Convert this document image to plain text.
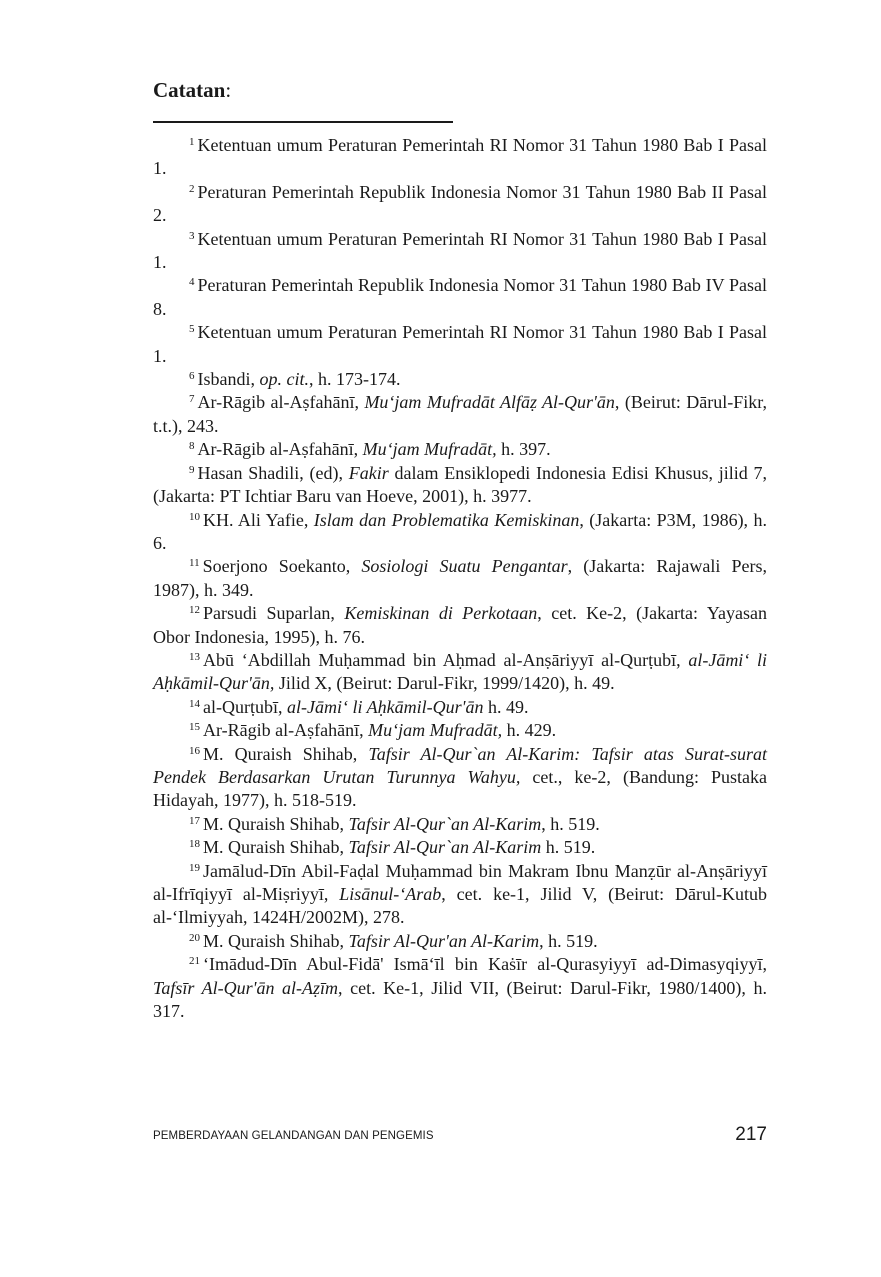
Catatan:

$^1$ Ketentuan umum Peraturan Pemerintah RI Nomor 31 Tahun 1980 Bab I Pasal 1.

$^2$ Peraturan Pemerintah Republik Indonesia Nomor 31 Tahun 1980 Bab II Pasal 2.

$^3$ Ketentuan umum Peraturan Pemerintah RI Nomor 31 Tahun 1980 Bab I Pasal 1.

$^4$ Peraturan Pemerintah Republik Indonesia Nomor 31 Tahun 1980 Bab IV Pasal 8.

$^5$ Ketentuan umum Peraturan Pemerintah RI Nomor 31 Tahun 1980 Bab I Pasal 1.

$^6$ Isbandi, op. cit., h. 173-174.

$^7$ Ar-Rāgib al-Aṣfahānī, Mu‘jam Mufradāt Alfāẓ Al-Qur'ān, (Beirut: Dārul-Fikr, t.t.), 243.

$^8$ Ar-Rāgib al-Aṣfahānī, Mu‘jam Mufradāt, h. 397.

$^9$ Hasan Shadili, (ed), Fakir dalam Ensiklopedi Indonesia Edisi Khusus, jilid 7, (Jakarta: PT Ichtiar Baru van Hoeve, 2001), h. 3977.

$^{10}$ KH. Ali Yafie, Islam dan Problematika Kemiskinan, (Jakarta: P3M, 1986), h. 6.

$^{11}$ Soerjono Soekanto, Sosiologi Suatu Pengantar, (Jakarta: Rajawali Pers, 1987), h. 349.

$^{12}$ Parsudi Suparlan, Kemiskinan di Perkotaan, cet. Ke-2, (Jakarta: Yayasan Obor Indonesia, 1995), h. 76.

$^{13}$ Abū ‘Abdillah Muḥammad bin Aḥmad al-Anṣāriyyī al-Qurṭubī, al-Jāmi‘ li Aḥkāmil-Qur'ān, Jilid X, (Beirut: Darul-Fikr, 1999/1420), h. 49.

$^{14}$ al-Qurṭubī, al-Jāmi‘ li Aḥkāmil-Qur'ān h. 49.

$^{15}$ Ar-Rāgib al-Aṣfahānī, Mu‘jam Mufradāt, h. 429.

$^{16}$ M. Quraish Shihab, Tafsir Al-Qur`an Al-Karim: Tafsir atas Surat-surat Pendek Berdasarkan Urutan Turunnya Wahyu, cet., ke-2, (Bandung: Pustaka Hidayah, 1977), h. 518-519.

$^{17}$ M. Quraish Shihab, Tafsir Al-Qur`an Al-Karim, h. 519.

$^{18}$ M. Quraish Shihab, Tafsir Al-Qur`an Al-Karim h. 519.

$^{19}$ Jamālud-Dīn Abil-Faḍal Muḥammad bin Makram Ibnu Manẓūr al-Anṣāriyyī al-Ifrīqiyyī al-Miṣriyyī, Lisānul-‘Arab, cet. ke-1, Jilid V, (Beirut: Dārul-Kutub al-‘Ilmiyyah, 1424H/2002M), 278.

$^{20}$ M. Quraish Shihab, Tafsir Al-Qur'an Al-Karim, h. 519.

$^{21}$ ‘Imādud-Dīn Abul-Fidā' Ismā‘īl bin Kaṡīr al-Qurasyiyyī ad-Dimasyqiyyī, Tafsīr Al-Qur'ān al-Aẓīm, cet. Ke-1, Jilid VII, (Beirut: Darul-Fikr, 1980/1400), h. 317.

PEMBERDAYAAN GELANDANGAN DAN PENGEMIS	217
